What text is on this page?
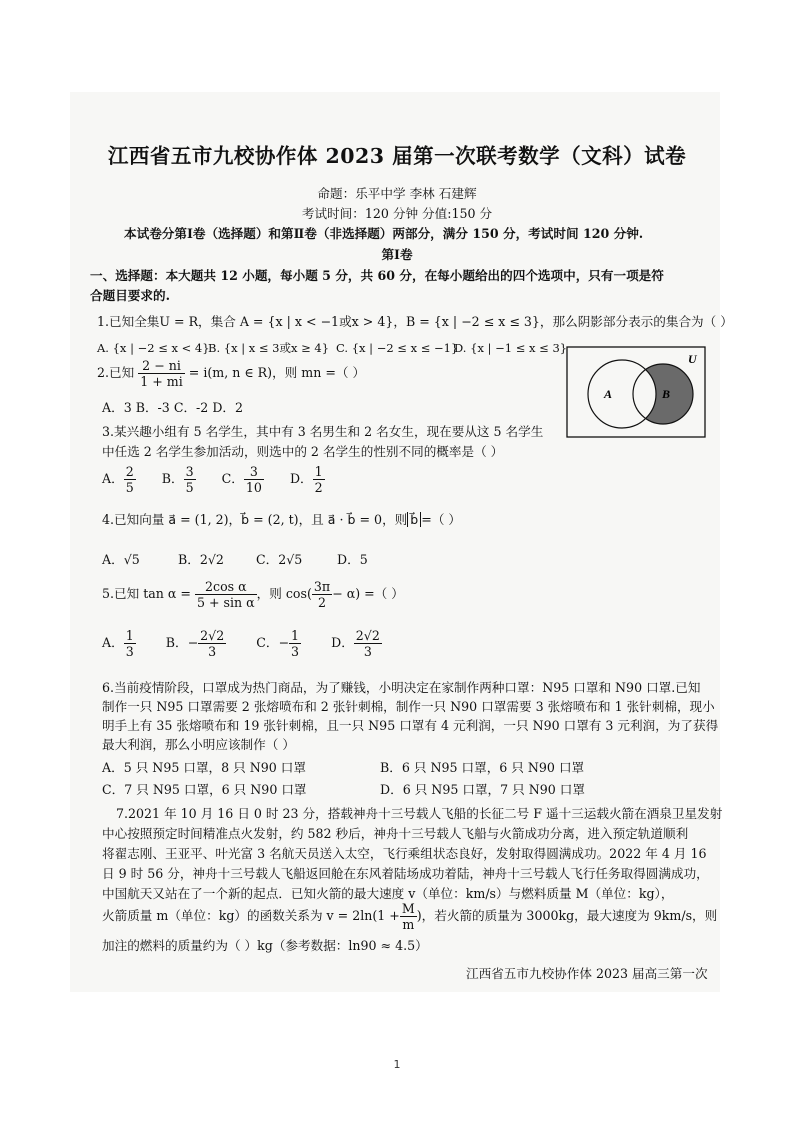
江西省五市九校协作体 2023 届第一次联考数学（文科）试卷
命题：乐平中学 李林 石建辉
考试时间：120 分钟 分值:150 分
本试卷分第Ⅰ卷（选择题）和第Ⅱ卷（非选择题）两部分，满分 150 分，考试时间 120 分钟.
第Ⅰ卷
一、选择题：本大题共 12 小题，每小题 5 分，共 60 分，在每小题给出的四个选项中，只有一项是符
合题目要求的.
1.已知全集U = R，集合 A = {x | x < −1或x > 4}，B = {x | −2 ≤ x ≤ 3}，那么阴影部分表示的集合为（ ）
A. {x | −2 ≤ x < 4}
B. {x | x ≤ 3或x ≥ 4} C. {x | −2 ≤ x ≤ −1}
D. {x | −1 ≤ x ≤ 3}
U
A	B
2.已知 $\frac{2 - ni}{1 + mi} = i(m$, n ∈ R)，则 mn =（ ）
A．3 B．-3 C．-2 D．2
3.某兴趣小组有 5 名学生，其中有 3 名男生和 2 名女生，现在要从这 5 名学生
中任选 2 名学生参加活动，则选中的 2 名学生的性别不同的概率是（ ）
A． $\frac{2}{5}$ B． $\frac{3}{5}$ C． $\frac{3}{10}$ D． $\frac{1}{2}$
4.已知向量 a⃗ = (1, 2)，b⃗ = (2, t)，且 a⃗ · b⃗ = 0，则 b⃗ =（ ）
A．√5	B．2√2	C．2√5	D．5
5.已知 $\tan \alpha = \frac{\text{2cos α}}{\text{5 + sin α}}$ ，则 $\cos( \frac{3\pi}{2} - \alpha)$ =（ ）
A． $\frac{1}{3}$ B．− $\frac{2√2}{3}$ C．− $\frac{1}{3}$ D． $\frac{2√2}{3}$
6.当前疫情阶段，口罩成为热门商品，为了赚钱，小明决定在家制作两种口罩：N95 口罩和 N90 口罩.已知
制作一只 N95 口罩需要 2 张熔喷布和 2 张针刺棉，制作一只 N90 口罩需要 3 张熔喷布和 1 张针刺棉，现小
明手上有 35 张熔喷布和 19 张针刺棉，且一只 N95 口罩有 4 元利润，一只 N90 口罩有 3 元利润，为了获得
最大利润，那么小明应该制作（ ）
A．5 只 N95 口罩，8 只 N90 口罩	B．6 只 N95 口罩，6 只 N90 口罩
C．7 只 N95 口罩，6 只 N90 口罩	D．6 只 N95 口罩，7 只 N90 口罩
7.2021 年 10 月 16 日 0 时 23 分，搭载神舟十三号载人飞船的长征二号 F 遥十三运载火箭在酒泉卫星发射
中心按照预定时间精准点火发射，约 582 秒后，神舟十三号载人飞船与火箭成功分离，进入预定轨道顺利
将翟志刚、王亚平、叶光富 3 名航天员送入太空，飞行乘组状态良好，发射取得圆满成功。2022 年 4 月 16
日 9 时 56 分，神舟十三号载人飞船返回舱在东风着陆场成功着陆，神舟十三号载人飞行任务取得圆满成功，
中国航天又站在了一个新的起点．已知火箭的最大速度 v（单位：km/s）与燃料质量 M（单位：kg），
火箭质量 m（单位：kg）的函数关系为 $v = 2\ln(1 + \frac{M}{m}$ )，若火箭的质量为 3000kg，最大速度为 9km/s，则
加注的燃料的质量约为（ ）kg（参考数据：ln90 ≈ 4.5）
江西省五市九校协作体 2023 届高三第一次
1
